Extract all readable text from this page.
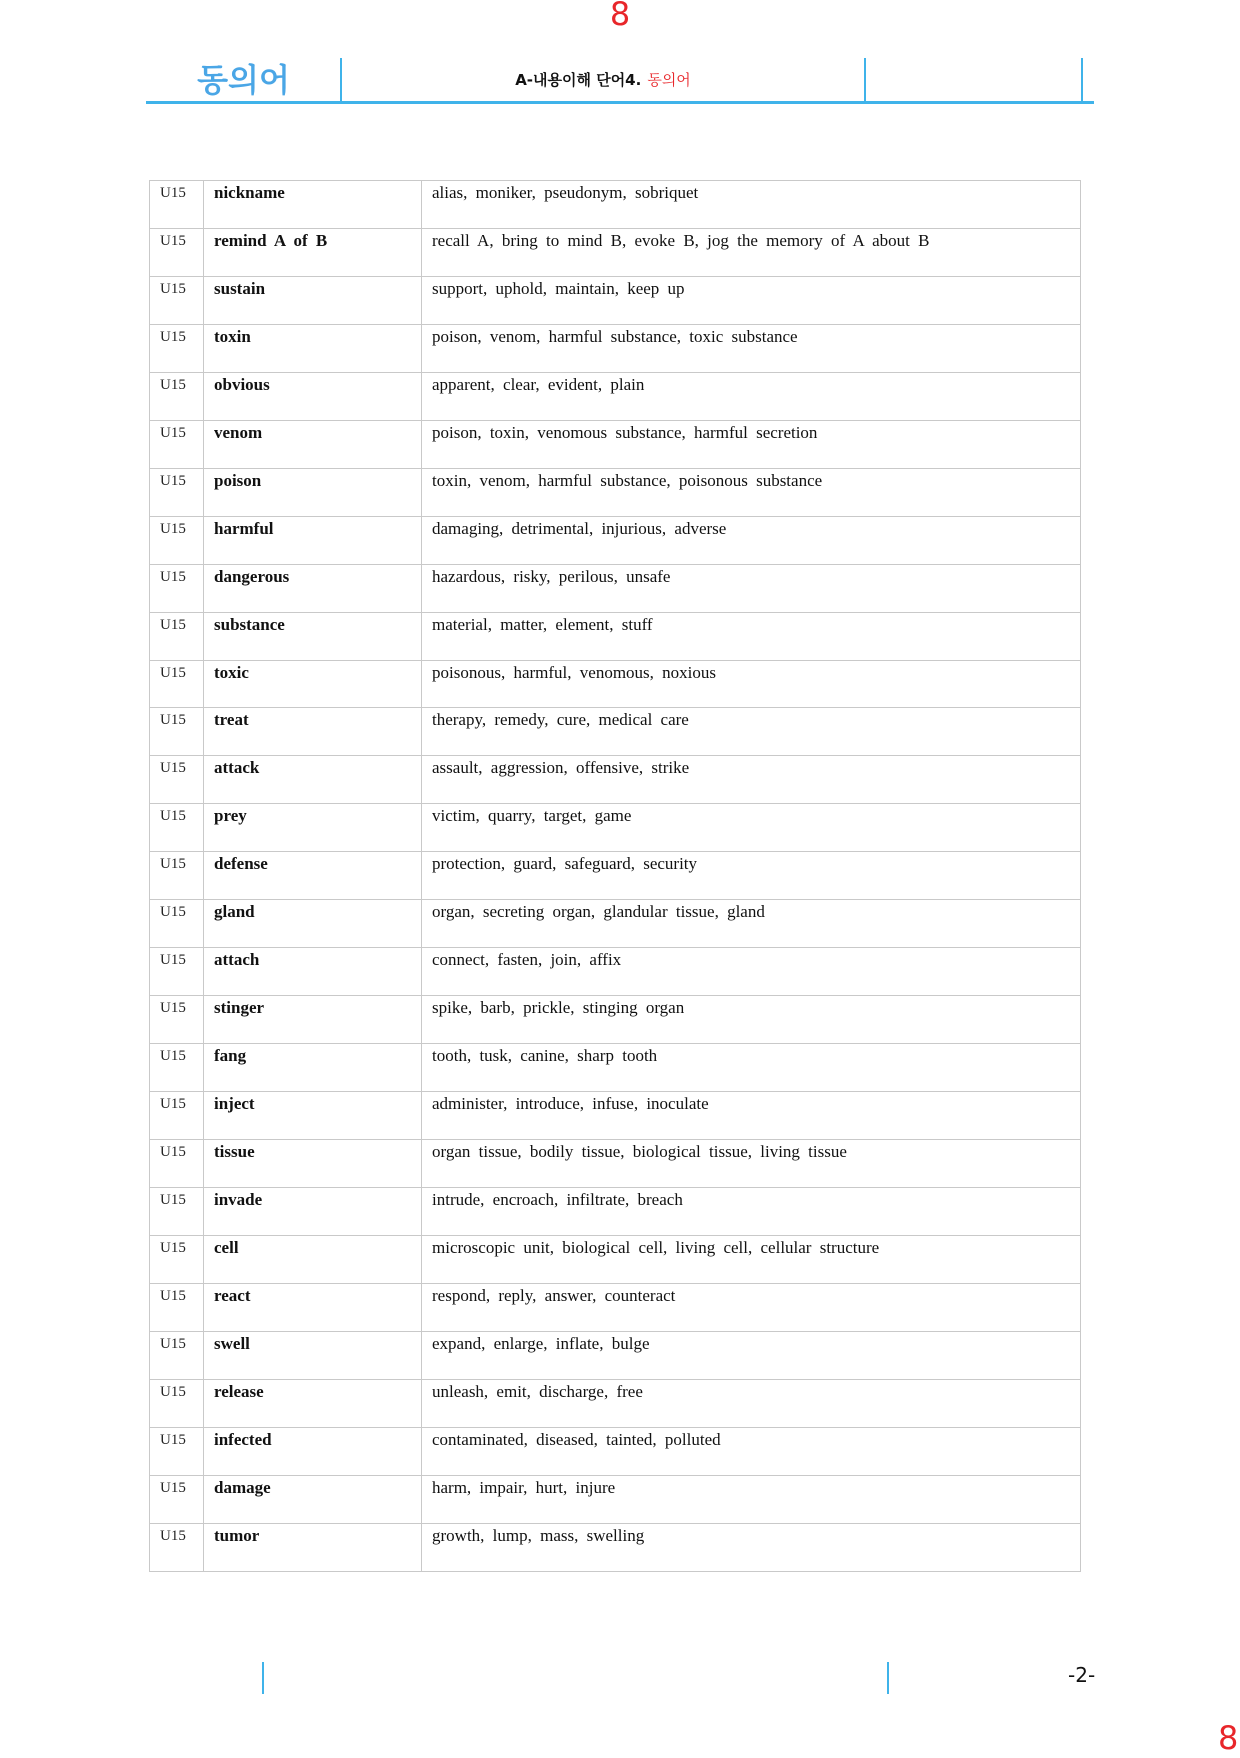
8
동의어	A-내용이해 단어4. 동의어
U15	nickname	alias, moniker, pseudonym, sobriquet
U15	remind A of B	recall A, bring to mind B, evoke B, jog the memory of A about B
U15	sustain	support, uphold, maintain, keep up
U15	toxin	poison, venom, harmful substance, toxic substance
U15	obvious	apparent, clear, evident, plain
U15	venom	poison, toxin, venomous substance, harmful secretion
U15	poison	toxin, venom, harmful substance, poisonous substance
U15	harmful	damaging, detrimental, injurious, adverse
U15	dangerous	hazardous, risky, perilous, unsafe
U15	substance	material, matter, element, stuff
U15	toxic	poisonous, harmful, venomous, noxious
U15	treat	therapy, remedy, cure, medical care
U15	attack	assault, aggression, offensive, strike
U15	prey	victim, quarry, target, game
U15	defense	protection, guard, safeguard, security
U15	gland	organ, secreting organ, glandular tissue, gland
U15	attach	connect, fasten, join, affix
U15	stinger	spike, barb, prickle, stinging organ
U15	fang	tooth, tusk, canine, sharp tooth
U15	inject	administer, introduce, infuse, inoculate
U15	tissue	organ tissue, bodily tissue, biological tissue, living tissue
U15	invade	intrude, encroach, infiltrate, breach
U15	cell	microscopic unit, biological cell, living cell, cellular structure
U15	react	respond, reply, answer, counteract
U15	swell	expand, enlarge, inflate, bulge
U15	release	unleash, emit, discharge, free
U15	infected	contaminated, diseased, tainted, polluted
U15	damage	harm, impair, hurt, injure
U15	tumor	growth, lump, mass, swelling
-2-
8
